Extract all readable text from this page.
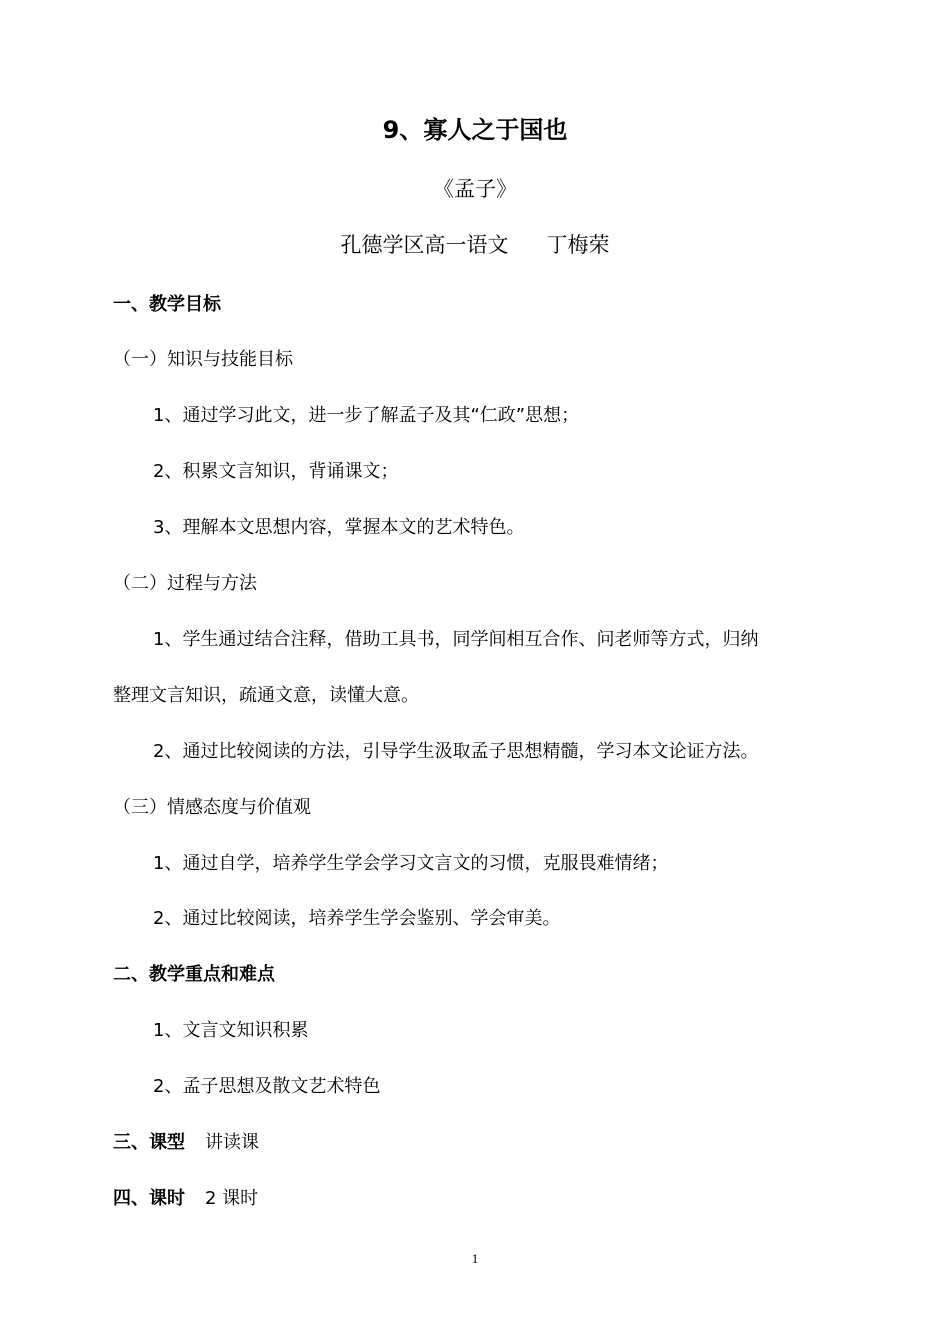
9、寡人之于国也
《孟子》
孔德学区高一语文 丁梅荣
一、教学目标
（一）知识与技能目标
1、通过学习此文，进一步了解孟子及其“仁政”思想；
2、积累文言知识，背诵课文；
3、理解本文思想内容，掌握本文的艺术特色。
（二）过程与方法
1、学生通过结合注释，借助工具书，同学间相互合作、问老师等方式，归纳
整理文言知识，疏通文意，读懂大意。
2、通过比较阅读的方法，引导学生汲取孟子思想精髓，学习本文论证方法。
（三）情感态度与价值观
1、通过自学，培养学生学会学习文言文的习惯，克服畏难情绪；
2、通过比较阅读，培养学生学会鉴别、学会审美。
二、教学重点和难点
1、文言文知识积累
2、孟子思想及散文艺术特色
三、课型 讲读课
四、课时 2 课时
1
